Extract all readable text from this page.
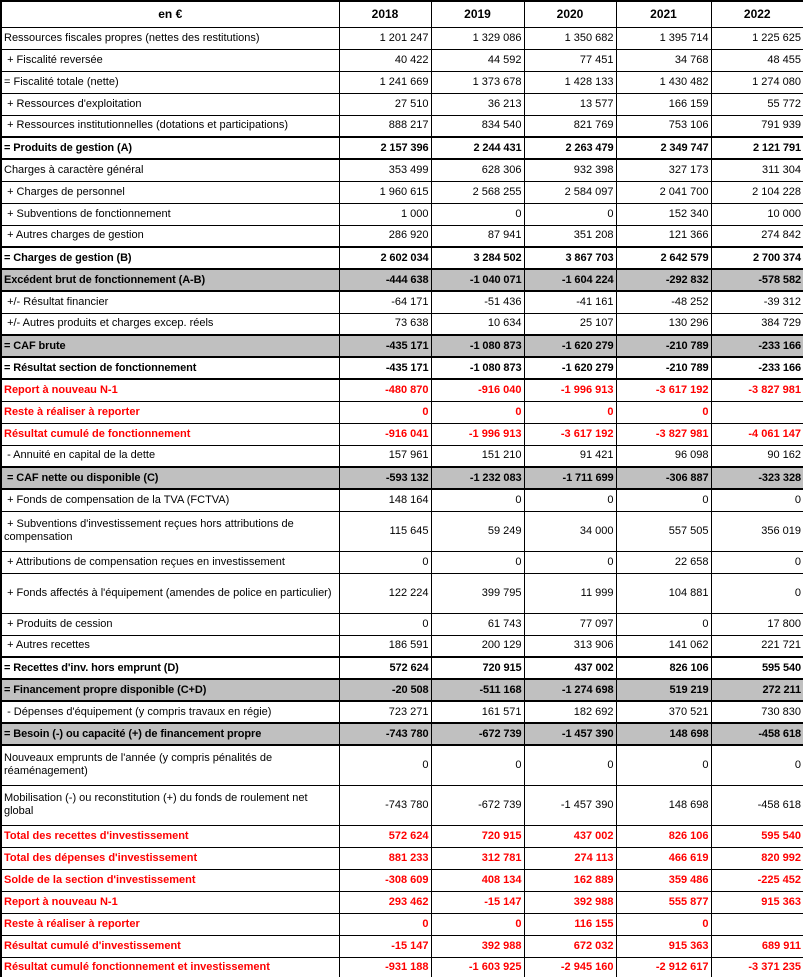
en €	2018	2019	2020	2021	2022
Ressources fiscales propres (nettes des restitutions)	1 201 247	1 329 086	1 350 682	1 395 714	1 225 625
+ Fiscalité reversée	40 422	44 592	77 451	34 768	48 455
= Fiscalité totale (nette)	1 241 669	1 373 678	1 428 133	1 430 482	1 274 080
+ Ressources d'exploitation	27 510	36 213	13 577	166 159	55 772
+ Ressources institutionnelles (dotations et participations)	888 217	834 540	821 769	753 106	791 939
= Produits de gestion (A)	2 157 396	2 244 431	2 263 479	2 349 747	2 121 791
Charges à caractère général	353 499	628 306	932 398	327 173	311 304
+ Charges de personnel	1 960 615	2 568 255	2 584 097	2 041 700	2 104 228
+ Subventions de fonctionnement	1 000	0	0	152 340	10 000
+ Autres charges de gestion	286 920	87 941	351 208	121 366	274 842
= Charges de gestion (B)	2 602 034	3 284 502	3 867 703	2 642 579	2 700 374
Excédent brut de fonctionnement (A-B)	-444 638	-1 040 071	-1 604 224	-292 832	-578 582
+/- Résultat financier	-64 171	-51 436	-41 161	-48 252	-39 312
+/- Autres produits et charges excep. réels	73 638	10 634	25 107	130 296	384 729
= CAF brute	-435 171	-1 080 873	-1 620 279	-210 789	-233 166
= Résultat section de fonctionnement	-435 171	-1 080 873	-1 620 279	-210 789	-233 166
Report à nouveau N-1	-480 870	-916 040	-1 996 913	-3 617 192	-3 827 981
Reste à réaliser à reporter	0	0	0	0	
Résultat cumulé de fonctionnement	-916 041	-1 996 913	-3 617 192	-3 827 981	-4 061 147
- Annuité en capital de la dette	157 961	151 210	91 421	96 098	90 162
= CAF nette ou disponible (C)	-593 132	-1 232 083	-1 711 699	-306 887	-323 328
+ Fonds de compensation de la TVA (FCTVA)	148 164	0	0	0	0
+ Subventions d'investissement reçues hors attributions de compensation	115 645	59 249	34 000	557 505	356 019
+ Attributions de compensation reçues en investissement	0	0	0	22 658	0
+ Fonds affectés à l'équipement (amendes de police en particulier)	122 224	399 795	11 999	104 881	0
+ Produits de cession	0	61 743	77 097	0	17 800
+ Autres recettes	186 591	200 129	313 906	141 062	221 721
= Recettes d'inv. hors emprunt (D)	572 624	720 915	437 002	826 106	595 540
= Financement propre disponible (C+D)	-20 508	-511 168	-1 274 698	519 219	272 211
- Dépenses d'équipement (y compris travaux en régie)	723 271	161 571	182 692	370 521	730 830
= Besoin (-) ou capacité (+) de financement propre	-743 780	-672 739	-1 457 390	148 698	-458 618
Nouveaux emprunts de l'année (y compris pénalités de réaménagement)	0	0	0	0	0
Mobilisation (-) ou reconstitution (+) du fonds de roulement net global	-743 780	-672 739	-1 457 390	148 698	-458 618
Total des recettes d'investissement	572 624	720 915	437 002	826 106	595 540
Total des dépenses d'investissement	881 233	312 781	274 113	466 619	820 992
Solde de la section d'investissement	-308 609	408 134	162 889	359 486	-225 452
Report à nouveau N-1	293 462	-15 147	392 988	555 877	915 363
Reste à réaliser à reporter	0	0	116 155	0	
Résultat cumulé d'investissement	-15 147	392 988	672 032	915 363	689 911
Résultat cumulé fonctionnement et investissement	-931 188	-1 603 925	-2 945 160	-2 912 617	-3 371 235
